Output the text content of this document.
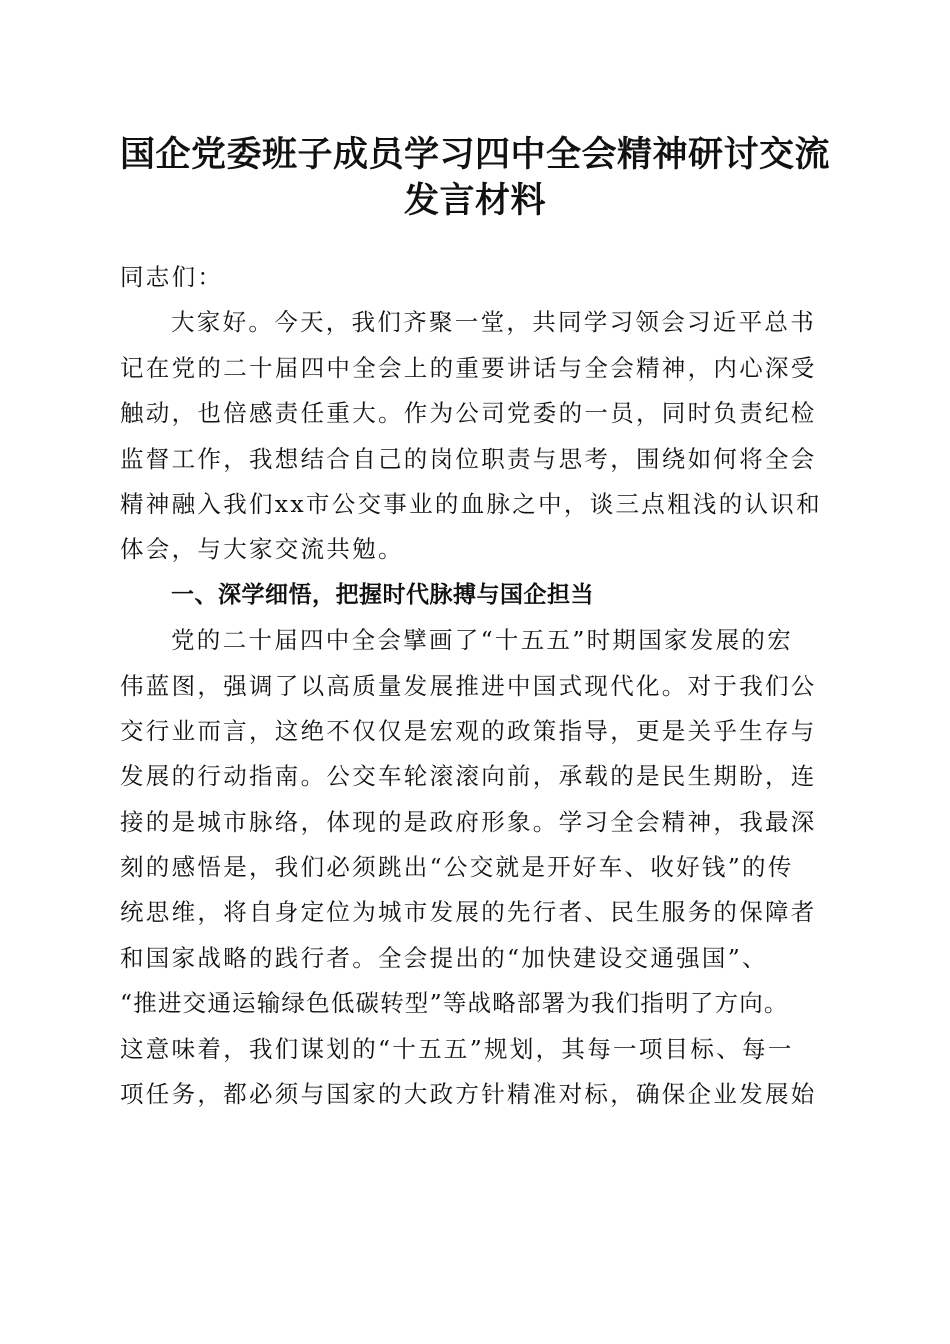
国企党委班子成员学习四中全会精神研讨交流
发言材料
同志们：
大家好。今天，我们齐聚一堂，共同学习领会习近平总书
记在党的二十届四中全会上的重要讲话与全会精神，内心深受
触动，也倍感责任重大。作为公司党委的一员，同时负责纪检
监督工作，我想结合自己的岗位职责与思考，围绕如何将全会
精神融入我们xx市公交事业的血脉之中，谈三点粗浅的认识和
体会，与大家交流共勉。
一、深学细悟，把握时代脉搏与国企担当
党的二十届四中全会擘画了“十五五”时期国家发展的宏
伟蓝图，强调了以高质量发展推进中国式现代化。对于我们公
交行业而言，这绝不仅仅是宏观的政策指导，更是关乎生存与
发展的行动指南。公交车轮滚滚向前，承载的是民生期盼，连
接的是城市脉络，体现的是政府形象。学习全会精神，我最深
刻的感悟是，我们必须跳出“公交就是开好车、收好钱”的传
统思维，将自身定位为城市发展的先行者、民生服务的保障者
和国家战略的践行者。全会提出的“加快建设交通强国”、
“推进交通运输绿色低碳转型”等战略部署为我们指明了方向。
这意味着，我们谋划的“十五五”规划，其每一项目标、每一
项任务，都必须与国家的大政方针精准对标，确保企业发展始
